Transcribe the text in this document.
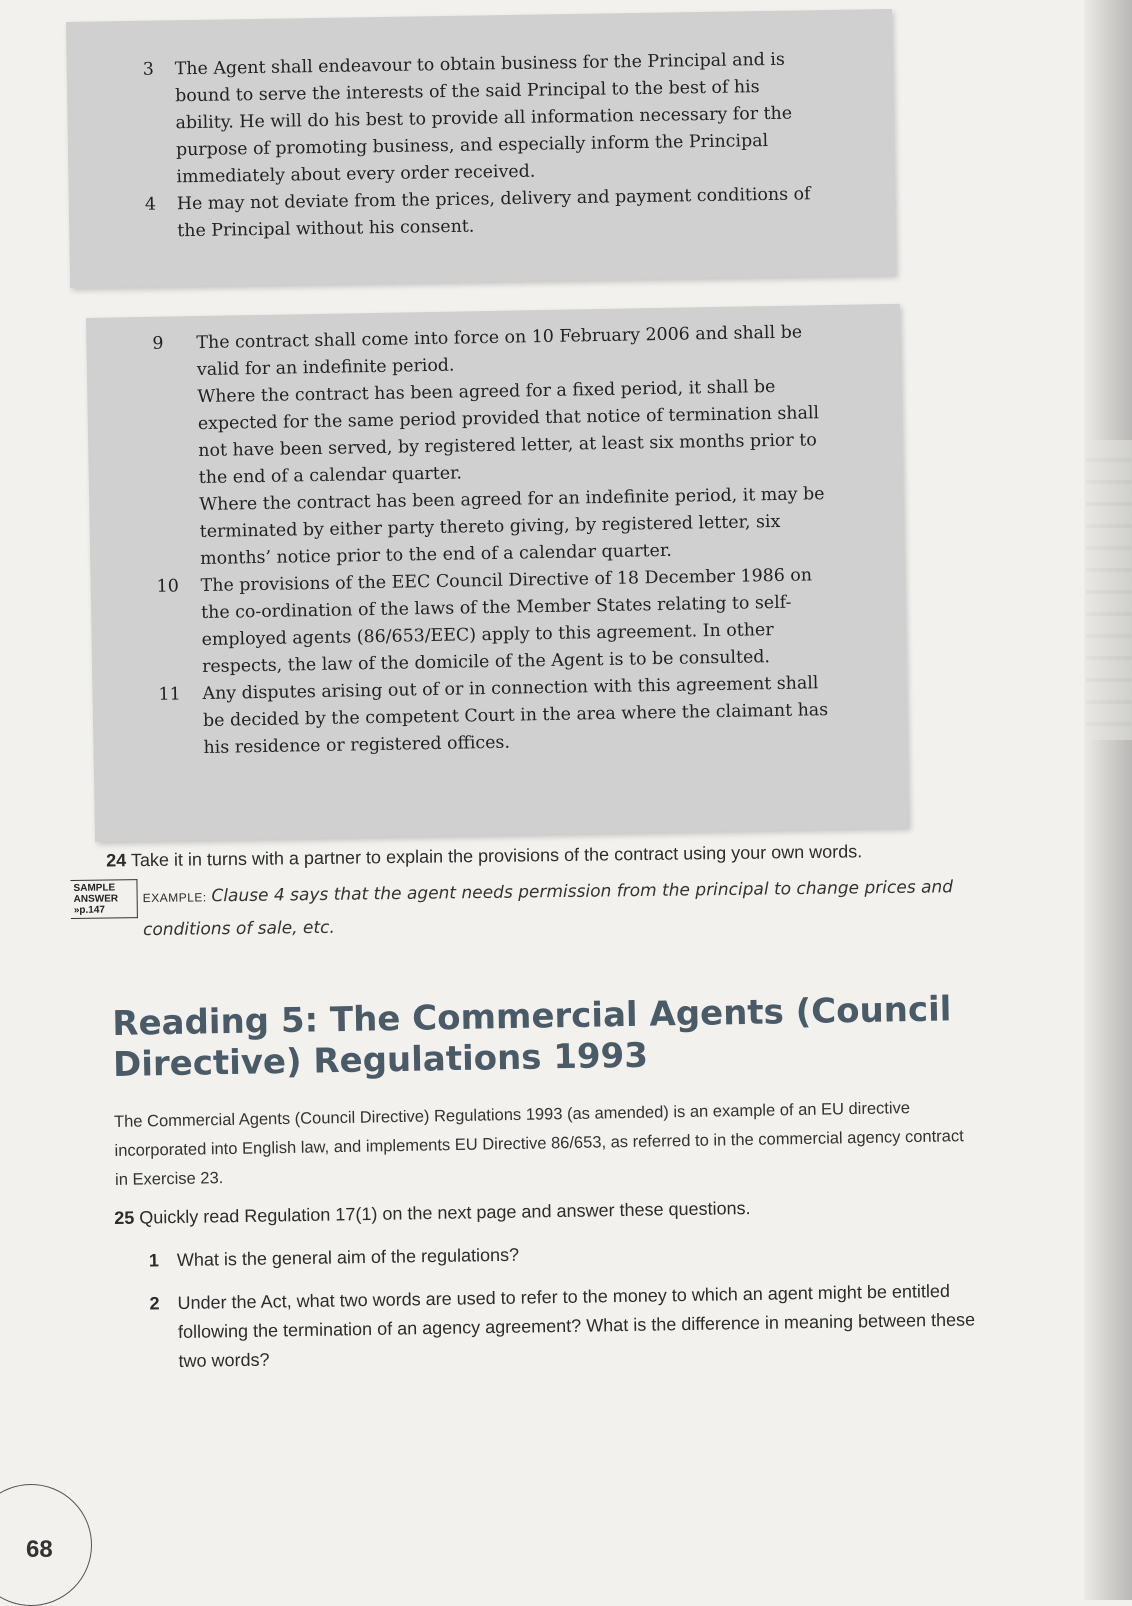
3 The Agent shall endeavour to obtain business for the Principal and is bound to serve the interests of the said Principal to the best of his ability. He will do his best to provide all information necessary for the purpose of promoting business, and especially inform the Principal immediately about every order received.

4 He may not deviate from the prices, delivery and payment conditions of the Principal without his consent.

9 The contract shall come into force on 10 February 2006 and shall be valid for an indefinite period.

Where the contract has been agreed for a fixed period, it shall be expected for the same period provided that notice of termination shall not have been served, by registered letter, at least six months prior to the end of a calendar quarter.

Where the contract has been agreed for an indefinite period, it may be terminated by either party thereto giving, by registered letter, six months’ notice prior to the end of a calendar quarter.

10 The provisions of the EEC Council Directive of 18 December 1986 on the co-ordination of the laws of the Member States relating to self-employed agents (86/653/EEC) apply to this agreement. In other respects, the law of the domicile of the Agent is to be consulted.

11 Any disputes arising out of or in connection with this agreement shall be decided by the competent Court in the area where the claimant has his residence or registered offices.

24 Take it in turns with a partner to explain the provisions of the contract using your own words.
SAMPLE
ANSWER
»p.147
EXAMPLE: Clause 4 says that the agent needs permission from the principal to change prices and conditions of sale, etc.
Reading 5: The Commercial Agents (Council Directive) Regulations 1993

The Commercial Agents (Council Directive) Regulations 1993 (as amended) is an example of an EU directive incorporated into English law, and implements EU Directive 86/653, as referred to in the commercial agency contract in Exercise 23.

25 Quickly read Regulation 17(1) on the next page and answer these questions.
1 What is the general aim of the regulations?
2 Under the Act, what two words are used to refer to the money to which an agent might be entitled following the termination of an agency agreement? What is the difference in meaning between these two words?
68
